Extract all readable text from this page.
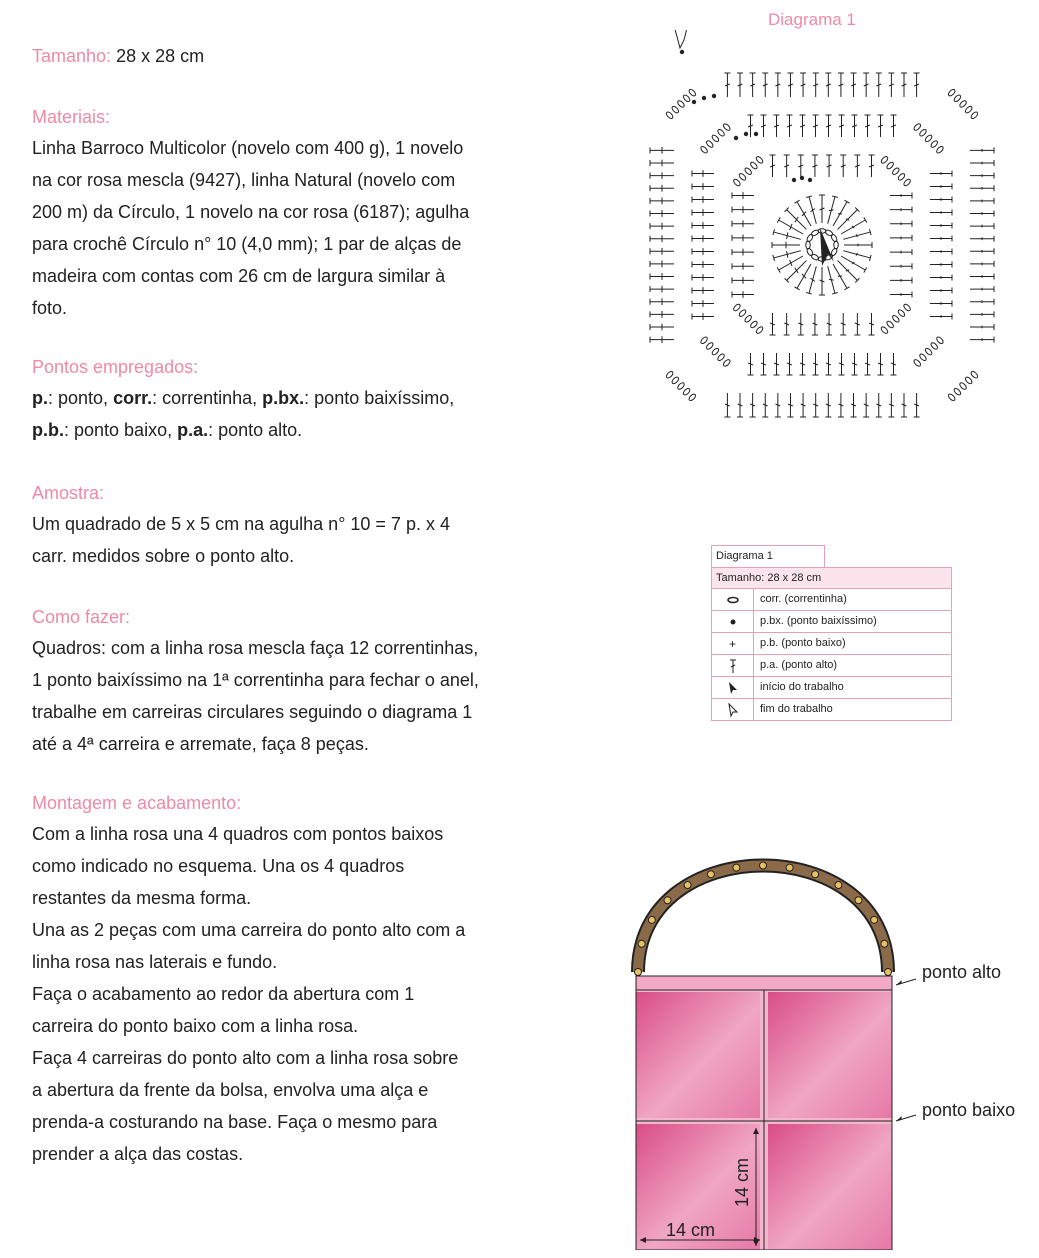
Tamanho: 28 x 28 cm
Materiais:
Linha Barroco Multicolor (novelo com 400 g), 1 novelo
na cor rosa mescla (9427), linha Natural (novelo com
200 m) da Círculo, 1 novelo na cor rosa (6187); agulha
para crochê Círculo n° 10 (4,0 mm); 1 par de alças de
madeira com contas com 26 cm de largura similar à
foto.
Pontos empregados:
p.: ponto, corr.: correntinha, p.bx.: ponto baixíssimo,
p.b.: ponto baixo, p.a.: ponto alto.
Amostra:
Um quadrado de 5 x 5 cm na agulha n° 10 = 7 p. x 4
carr. medidos sobre o ponto alto.
Como fazer:
Quadros: com a linha rosa mescla faça 12 correntinhas,
1 ponto baixíssimo na 1ª correntinha para fechar o anel,
trabalhe em carreiras circulares seguindo o diagrama 1
até a 4ª carreira e arremate, faça 8 peças.
Montagem e acabamento:
Com a linha rosa una 4 quadros com pontos baixos
como indicado no esquema. Una os 4 quadros
restantes da mesma forma.
Una as 2 peças com uma carreira do ponto alto com a
linha rosa nas laterais e fundo.
Faça o acabamento ao redor da abertura com 1
carreira do ponto baixo com a linha rosa.
Faça 4 carreiras do ponto alto com a linha rosa sobre
a abertura da frente da bolsa, envolva uma alça e
prenda-a costurando na base. Faça o mesmo para
prender a alça das costas.
Diagrama 1
Diagrama 1
Tamanho: 28 x 28 cm
corr. (correntinha)
p.bx. (ponto baixíssimo)
+	p.b. (ponto baixo)
p.a. (ponto alto)
início do trabalho
fim do trabalho
ponto alto
ponto baixo
14 cm
14 cm
